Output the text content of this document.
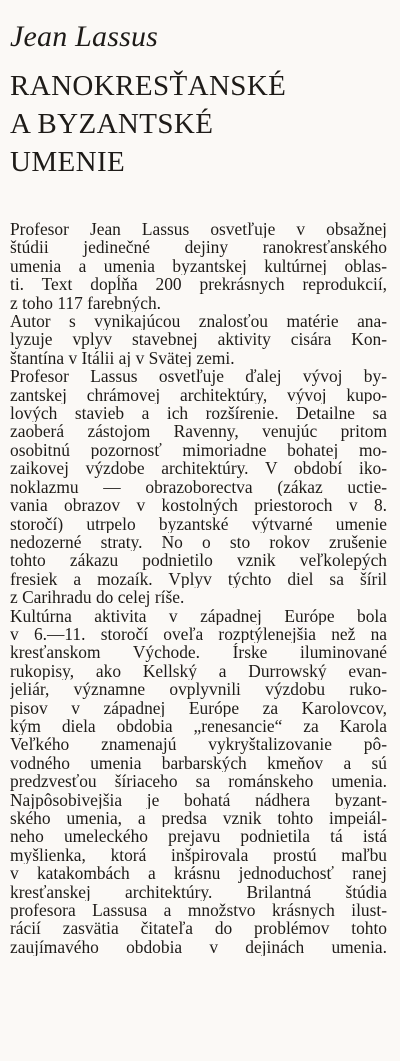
Jean Lassus
RANOKRESŤANSKÉ
A BYZANTSKÉ
UMENIE

Profesor Jean Lassus osvetľuje v obsažnej
štúdii jedinečné dejiny ranokresťanského
umenia a umenia byzantskej kultúrnej oblas-
ti. Text dopĺňa 200 prekrásnych reprodukcií,
z toho 117 farebných.

Autor s vynikajúcou znalosťou matérie ana-
lyzuje vplyv stavebnej aktivity cisára Kon-
štantína v Itálii aj v Svätej zemi.

Profesor Lassus osvetľuje ďalej vývoj by-
zantskej chrámovej architektúry, vývoj kupo-
lových stavieb a ich rozšírenie. Detailne sa
zaoberá zástojom Ravenny, venujúc pritom
osobitnú pozornosť mimoriadne bohatej mo-
zaikovej výzdobe architektúry. V období iko-
noklazmu — obrazoborectva (zákaz uctie-
vania obrazov v kostolných priestoroch v 8.
storočí) utrpelo byzantské výtvarné umenie
nedozerné straty. No o sto rokov zrušenie
tohto zákazu podnietilo vznik veľkolepých
fresiek a mozaík. Vplyv týchto diel sa šíril
z Carihradu do celej ríše.

Kultúrna aktivita v západnej Európe bola
v 6.—11. storočí oveľa rozptýlenejšia než na
kresťanskom Východe. Írske iluminované
rukopisy, ako Kellský a Durrowský evan-
jeliár, významne ovplyvnili výzdobu ruko-
pisov v západnej Európe za Karolovcov,
kým diela obdobia „renesancie“ za Karola
Veľkého znamenajú vykryštalizovanie pô-
vodného umenia barbarských kmeňov a sú
predzvesťou šíriaceho sa románskeho umenia.

Najpôsobivejšia je bohatá nádhera byzant-
ského umenia, a predsa vznik tohto impeiál-
neho umeleckého prejavu podnietila tá istá
myšlienka, ktorá inšpirovala prostú maľbu
v katakombách a krásnu jednoduchosť ranej
kresťanskej architektúry. Brilantná štúdia
profesora Lassusa a množstvo krásnych ilust-
rácií zasvätia čitateľa do problémov tohto
zaujímavého obdobia v dejinách umenia.
